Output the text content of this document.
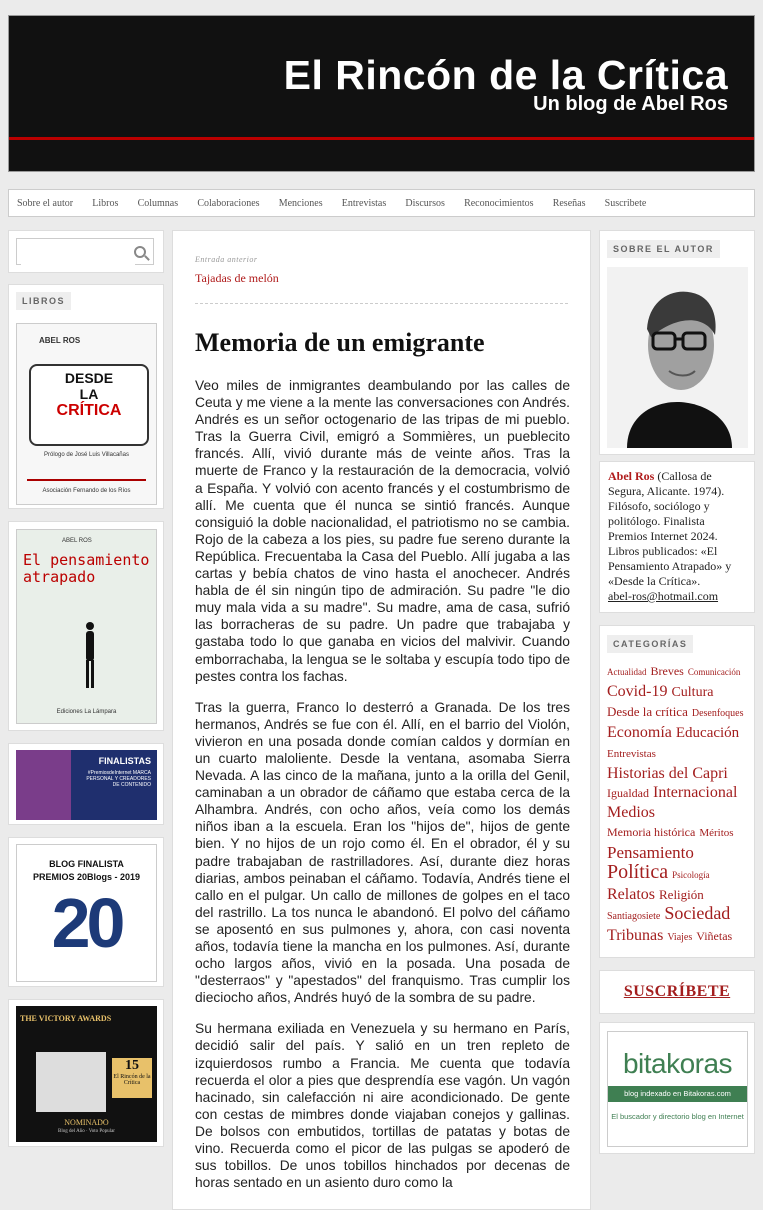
El Rincón de la Crítica
Un blog de Abel Ros
Sobre el autor	Libros	Columnas	Colaboraciones	Menciones	Entrevistas	Discursos	Reconocimientos	Reseñas	Suscribete
LIBROS
ABEL ROS
DESDE
LA
CRÍTICA
Prólogo de José Luis Villacañas
Asociación Fernando de los Ríos
ABEL ROS
El pensamiento atrapado
Ediciones La Lámpara
FINALISTAS
#PremiosdeInternet MARCA PERSONAL Y CREADORES DE CONTENIDO
BLOG FINALISTA
PREMIOS 20Blogs - 2019
20
THE VICTORY AWARDS
15
El Rincón de la Crítica
NOMINADO
Blog del Año · Voto Popular
Entrada anterior
Tajadas de melón
Memoria de un emigrante

Veo miles de inmigrantes deambulando por las calles de Ceuta y me viene a la mente las conversaciones con Andrés. Andrés es un señor octogenario de las tripas de mi pueblo. Tras la Guerra Civil, emigró a Sommières, un pueblecito francés. Allí, vivió durante más de veinte años. Tras la muerte de Franco y la restauración de la democracia, volvió a España. Y volvió con acento francés y el costumbrismo de allí. Me cuenta que él nunca se sintió francés. Aunque consiguió la doble nacionalidad, el patriotismo no se cambia. Rojo de la cabeza a los pies, su padre fue sereno durante la República. Frecuentaba la Casa del Pueblo. Allí jugaba a las cartas y bebía chatos de vino hasta el anochecer. Andrés habla de él sin ningún tipo de admiración. Su padre "le dio muy mala vida a su madre". Su madre, ama de casa, sufrió las borracheras de su padre. Un padre que trabajaba y gastaba todo lo que ganaba en vicios del malvivir. Cuando emborrachaba, la lengua se le soltaba y escupía todo tipo de pestes contra los fachas.

Tras la guerra, Franco lo desterró a Granada. De los tres hermanos, Andrés se fue con él. Allí, en el barrio del Violón, vivieron en una posada donde comían caldos y dormían en un cuarto maloliente. Desde la ventana, asomaba Sierra Nevada. A las cinco de la mañana, junto a la orilla del Genil, caminaban a un obrador de cáñamo que estaba cerca de la Alhambra. Andrés, con ocho años, veía como los demás niños iban a la escuela. Eran los "hijos de", hijos de gente bien. Y no hijos de un rojo como él. En el obrador, él y su padre trabajaban de rastrilladores. Así, durante diez horas diarias, ambos peinaban el cáñamo. Todavía, Andrés tiene el callo en el pulgar. Un callo de millones de golpes en el taco del rastrillo. La tos nunca le abandonó. El polvo del cáñamo se aposentó en sus pulmones y, ahora, con casi noventa años, todavía tiene la mancha en los pulmones. Así, durante ocho largos años, vivió en la posada. Una posada de "desterraos" y "apestados" del franquismo. Tras cumplir los dieciocho años, Andrés huyó de la sombra de su padre.

Su hermana exiliada en Venezuela y su hermano en París, decidió salir del país. Y salió en un tren repleto de izquierdosos rumbo a Francia. Me cuenta que todavía recuerda el olor a pies que desprendía ese vagón. Un vagón hacinado, sin calefacción ni aire acondicionado. De gente con cestas de mimbres donde viajaban conejos y gallinas. De bolsos con embutidos, tortillas de patatas y botas de vino. Recuerda como el picor de las pulgas se apoderó de sus tobillos. De unos tobillos hinchados por decenas de horas sentado en un asiento duro como la

SOBRE EL AUTOR
Abel Ros (Callosa de Segura, Alicante. 1974). Filósofo, sociólogo y politólogo. Finalista Premios Internet 2024. Libros publicados: «El Pensamiento Atrapado» y «Desde la Crítica».
abel-ros@hotmail.com
CATEGORÍAS
Actualidad Breves Comunicación Covid-19 Cultura Desde la crítica Desenfoques Economía Educación Entrevistas Historias del Capri Igualdad Internacional Medios Memoria histórica Méritos Pensamiento Política Psicología Relatos Religión Santiagosiete Sociedad Tribunas Viajes Viñetas
SUSCRÍBETE
bitakoras
blog indexado en Bitakoras.com
El buscador y directorio blog en Internet
